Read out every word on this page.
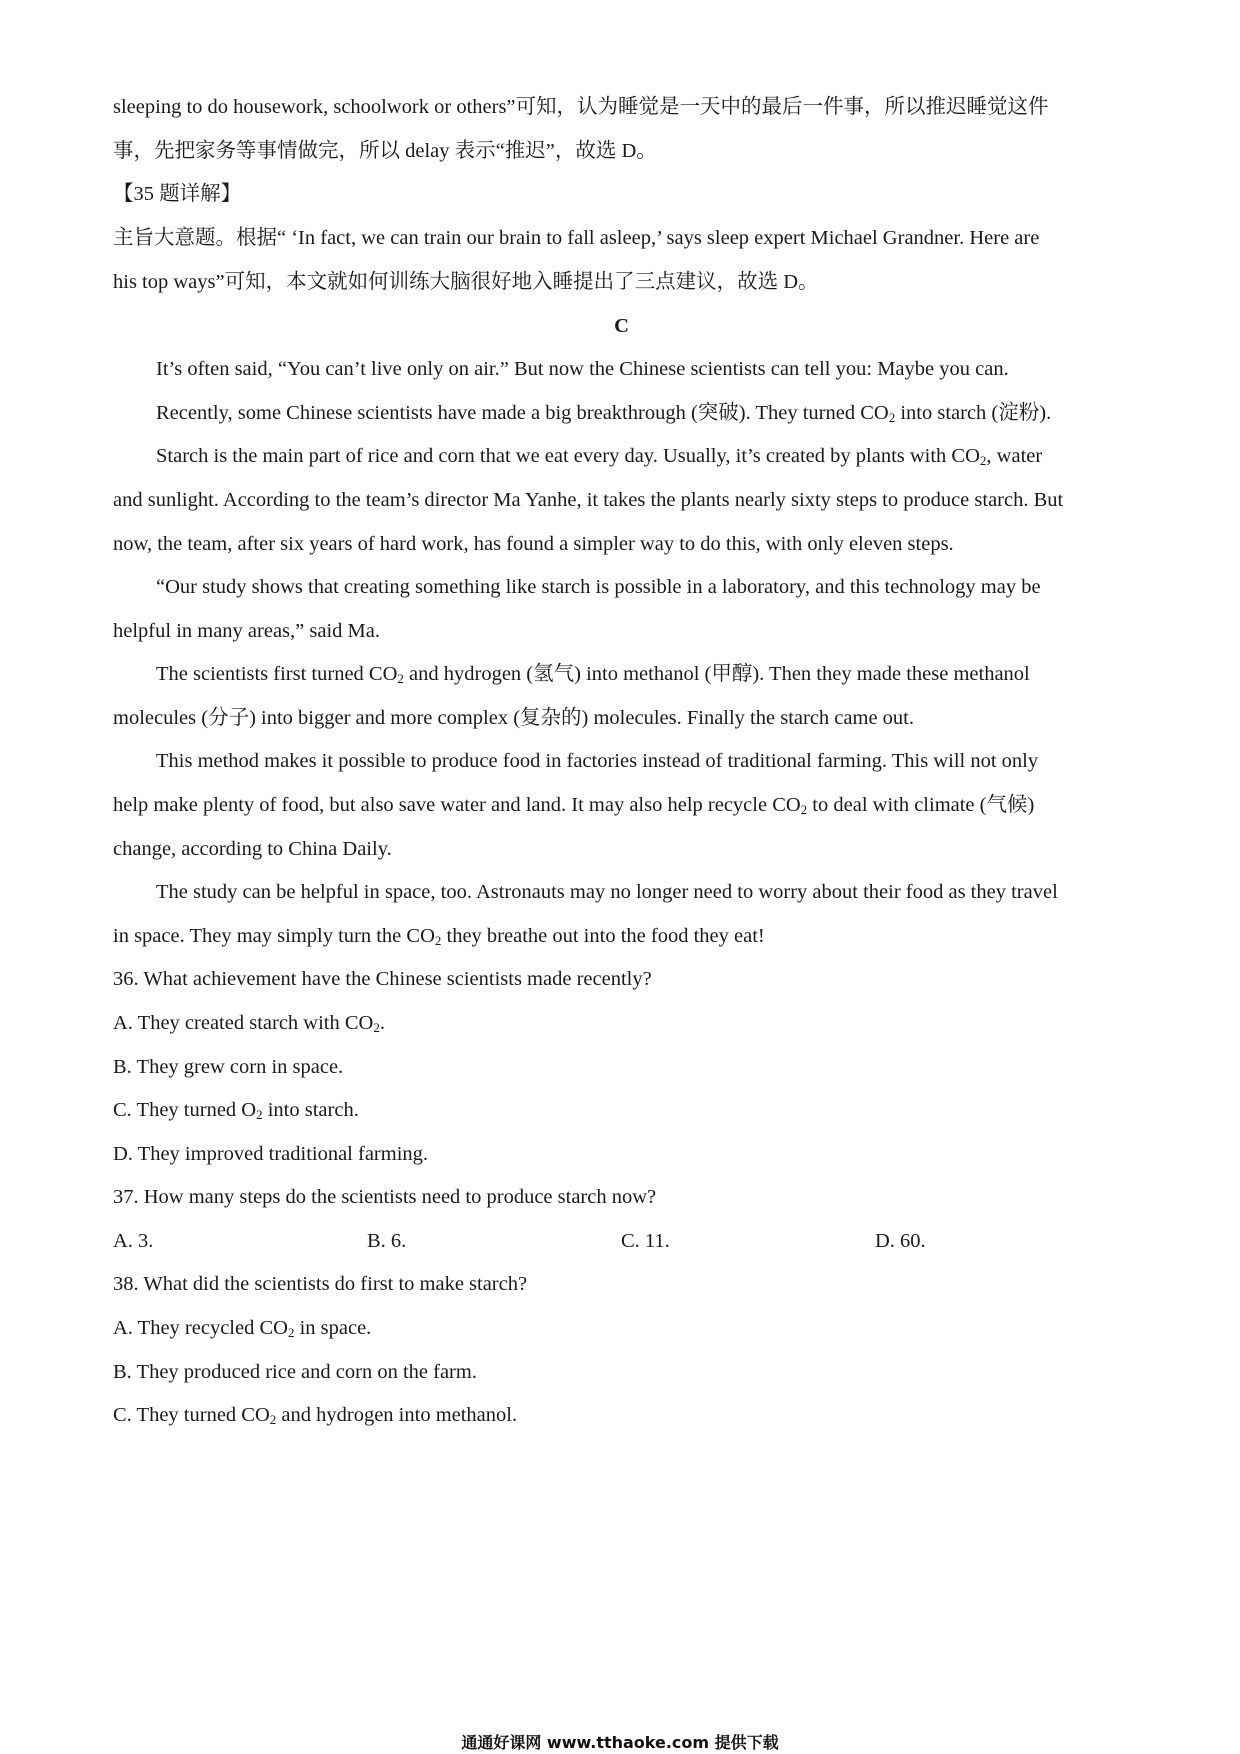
sleeping to do housework, schoolwork or others”可知，认为睡觉是一天中的最后一件事，所以推迟睡觉这件
事，先把家务等事情做完，所以 delay 表示“推迟”，故选 D。
【35 题详解】
主旨大意题。根据“ ‘In fact, we can train our brain to fall asleep,’ says sleep expert Michael Grandner. Here are
his top ways”可知，本文就如何训练大脑很好地入睡提出了三点建议，故选 D。
C
It’s often said, “You can’t live only on air.” But now the Chinese scientists can tell you: Maybe you can.
Recently, some Chinese scientists have made a big breakthrough (突破). They turned $CO_2$ into starch (淀粉).
Starch is the main part of rice and corn that we eat every day. Usually, it’s created by plants with $CO_2$, water
and sunlight. According to the team’s director Ma Yanhe, it takes the plants nearly sixty steps to produce starch. But
now, the team, after six years of hard work, has found a simpler way to do this, with only eleven steps.
“Our study shows that creating something like starch is possible in a laboratory, and this technology may be
helpful in many areas,” said Ma.
The scientists first turned $CO_2$ and hydrogen (氢气) into methanol (甲醇). Then they made these methanol
molecules (分子) into bigger and more complex (复杂的) molecules. Finally the starch came out.
This method makes it possible to produce food in factories instead of traditional farming. This will not only
help make plenty of food, but also save water and land. It may also help recycle $CO_2$ to deal with climate (气候)
change, according to China Daily.
The study can be helpful in space, too. Astronauts may no longer need to worry about their food as they travel
in space. They may simply turn the $CO_2$ they breathe out into the food they eat!
36. What achievement have the Chinese scientists made recently?
A. They created starch with $CO_2$.
B. They grew corn in space.
C. They turned $O_2$ into starch.
D. They improved traditional farming.
37. How many steps do the scientists need to produce starch now?
A. 3.	B. 6.	C. 11.	D. 60.
38. What did the scientists do first to make starch?
A. They recycled $CO_2$ in space.
B. They produced rice and corn on the farm.
C. They turned $CO_2$ and hydrogen into methanol.
通通好课网 www.tthaoke.com 提供下载
